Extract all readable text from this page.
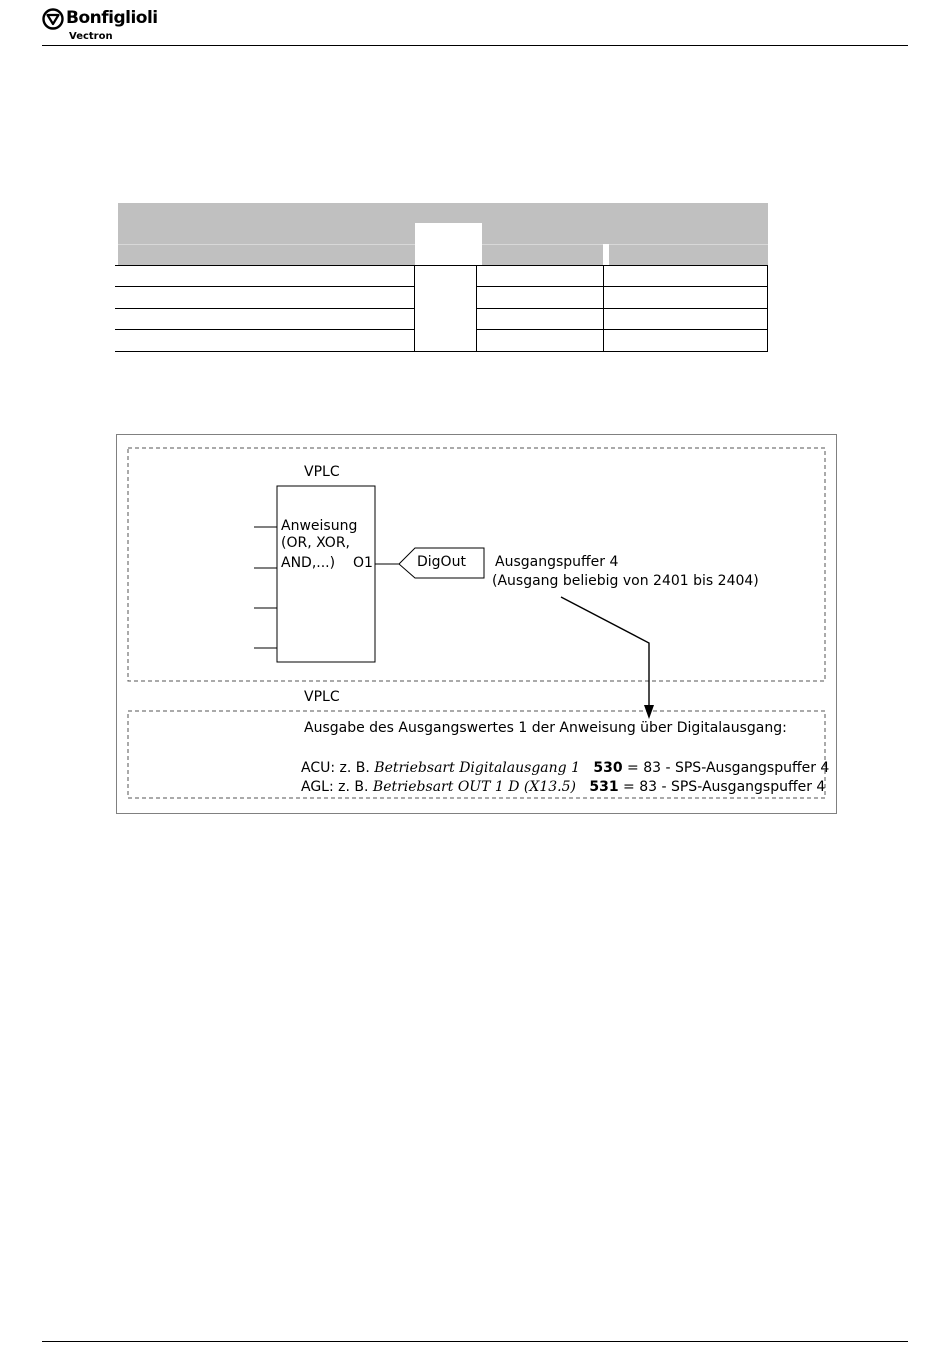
Bonfiglioli
Vectron
VPLC
Anweisung
(OR, XOR,
AND,...) O1	DigOut Ausgangspuffer 4
(Ausgang beliebig von 2401 bis 2404)
VPLC
Ausgabe des Ausgangswertes 1 der Anweisung über Digitalausgang:
ACU: z. B. Betriebsart Digitalausgang 1 530 = 83 - SPS-Ausgangspuffer 4
AGL: z. B. Betriebsart OUT 1 D (X13.5) 531 = 83 - SPS-Ausgangspuffer 4
